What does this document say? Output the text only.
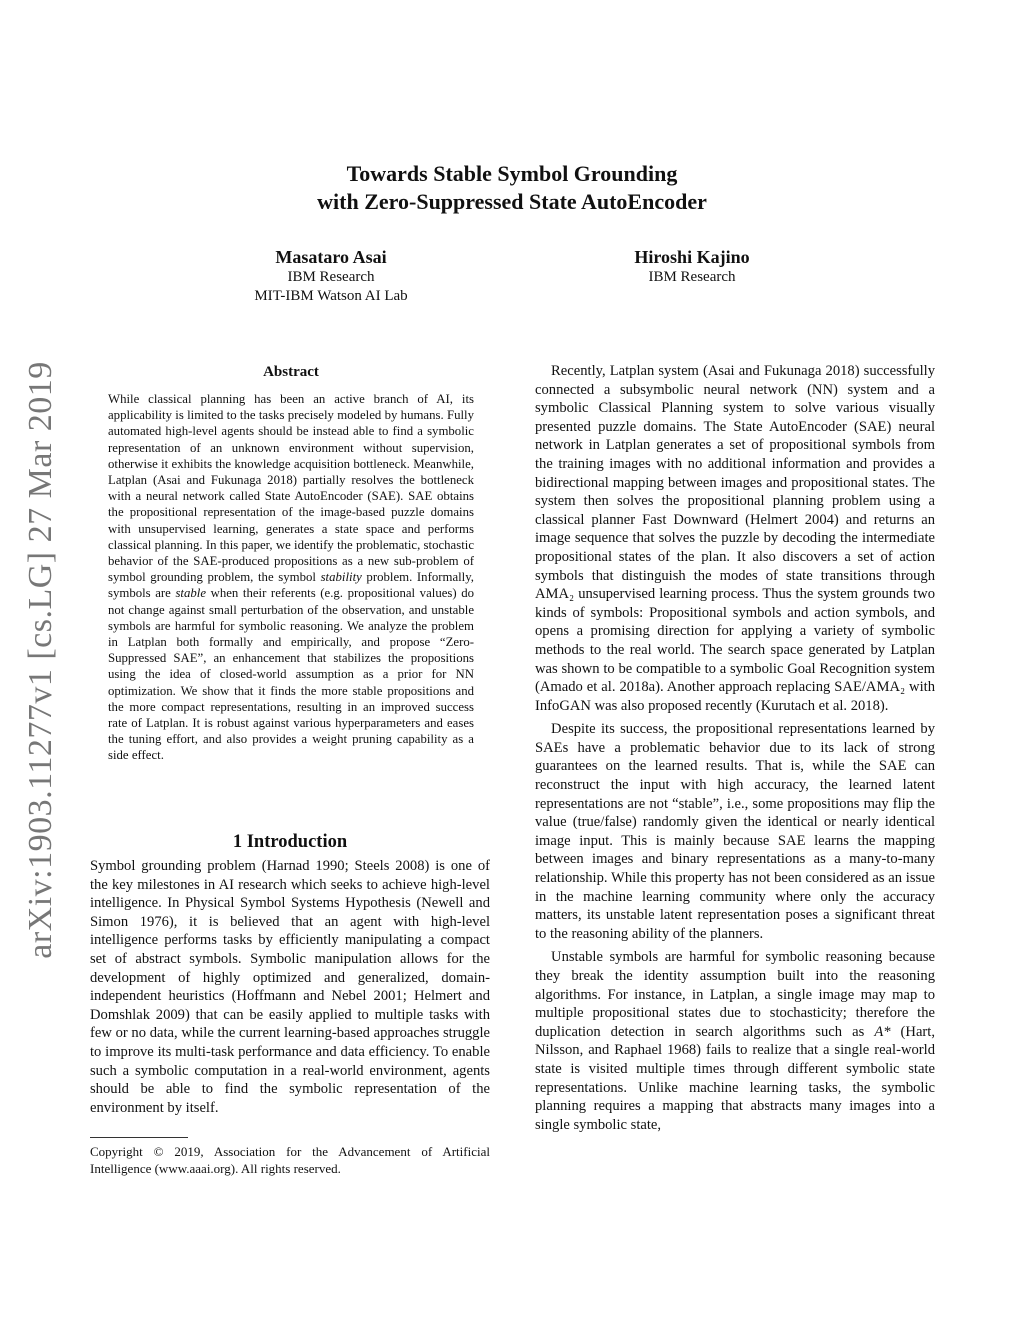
arXiv:1903.11277v1 [cs.LG] 27 Mar 2019
Towards Stable Symbol Grounding
with Zero-Suppressed State AutoEncoder
Masataro Asai
IBM Research
MIT-IBM Watson AI Lab
Hiroshi Kajino
IBM Research
Abstract
While classical planning has been an active branch of AI, its applicability is limited to the tasks precisely modeled by humans. Fully automated high-level agents should be instead able to find a symbolic representation of an unknown environment without supervision, otherwise it exhibits the knowledge acquisition bottleneck. Meanwhile, Latplan (Asai and Fukunaga 2018) partially resolves the bottleneck with a neural network called State AutoEncoder (SAE). SAE obtains the propositional representation of the image-based puzzle domains with unsupervised learning, generates a state space and performs classical planning. In this paper, we identify the problematic, stochastic behavior of the SAE-produced propositions as a new sub-problem of symbol grounding problem, the symbol stability problem. Informally, symbols are stable when their referents (e.g. propositional values) do not change against small perturbation of the observation, and unstable symbols are harmful for symbolic reasoning. We analyze the problem in Latplan both formally and empirically, and propose “Zero-Suppressed SAE”, an enhancement that stabilizes the propositions using the idea of closed-world assumption as a prior for NN optimization. We show that it finds the more stable propositions and the more compact representations, resulting in an improved success rate of Latplan. It is robust against various hyperparameters and eases the tuning effort, and also provides a weight pruning capability as a side effect.
1 Introduction
Symbol grounding problem (Harnad 1990; Steels 2008) is one of the key milestones in AI research which seeks to achieve high-level intelligence. In Physical Symbol Systems Hypothesis (Newell and Simon 1976), it is believed that an agent with high-level intelligence performs tasks by efficiently manipulating a compact set of abstract symbols. Symbolic manipulation allows for the development of highly optimized and generalized, domain-independent heuristics (Hoffmann and Nebel 2001; Helmert and Domshlak 2009) that can be easily applied to multiple tasks with few or no data, while the current learning-based approaches struggle to improve its multi-task performance and data efficiency. To enable such a symbolic computation in a real-world environment, agents should be able to find the symbolic representation of the environment by itself.
Copyright © 2019, Association for the Advancement of Artificial Intelligence (www.aaai.org). All rights reserved.

Recently, Latplan system (Asai and Fukunaga 2018) successfully connected a subsymbolic neural network (NN) system and a symbolic Classical Planning system to solve various visually presented puzzle domains. The State AutoEncoder (SAE) neural network in Latplan generates a set of propositional symbols from the training images with no additional information and provides a bidirectional mapping between images and propositional states. The system then solves the propositional planning problem using a classical planner Fast Downward (Helmert 2004) and returns an image sequence that solves the puzzle by decoding the intermediate propositional states of the plan. It also discovers a set of action symbols that distinguish the modes of state transitions through AMA₂ unsupervised learning process. Thus the system grounds two kinds of symbols: Propositional symbols and action symbols, and opens a promising direction for applying a variety of symbolic methods to the real world. The search space generated by Latplan was shown to be compatible to a symbolic Goal Recognition system (Amado et al. 2018a). Another approach replacing SAE/AMA₂ with InfoGAN was also proposed recently (Kurutach et al. 2018).

Despite its success, the propositional representations learned by SAEs have a problematic behavior due to its lack of strong guarantees on the learned results. That is, while the SAE can reconstruct the input with high accuracy, the learned latent representations are not “stable”, i.e., some propositions may flip the value (true/false) randomly given the identical or nearly identical image input. This is mainly because SAE learns the mapping between images and binary representations as a many-to-many relationship. While this property has not been considered as an issue in the machine learning community where only the accuracy matters, its unstable latent representation poses a significant threat to the reasoning ability of the planners.

Unstable symbols are harmful for symbolic reasoning because they break the identity assumption built into the reasoning algorithms. For instance, in Latplan, a single image may map to multiple propositional states due to stochasticity; therefore the duplication detection in search algorithms such as A* (Hart, Nilsson, and Raphael 1968) fails to realize that a single real-world state is visited multiple times through different symbolic state representations. Unlike machine learning tasks, the symbolic planning requires a mapping that abstracts many images into a single symbolic state,
